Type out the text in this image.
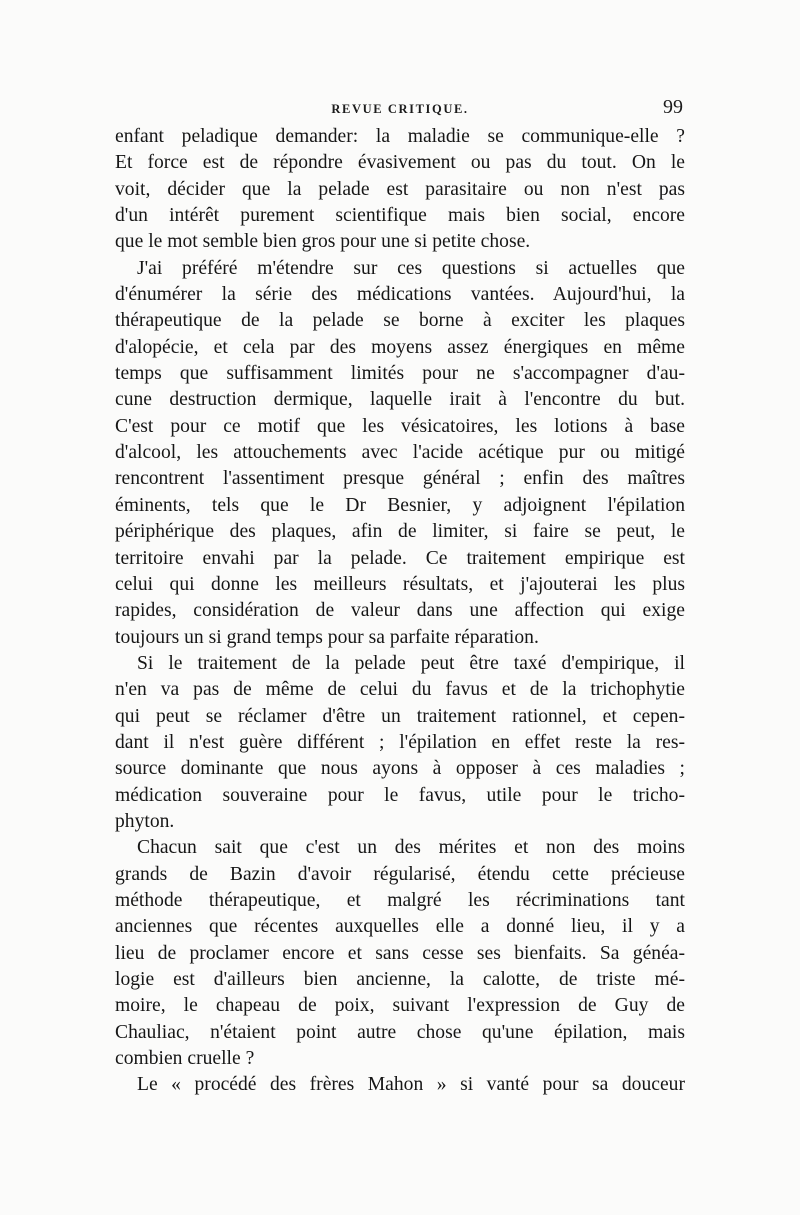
REVUE CRITIQUE.	99
enfant peladique demander: la maladie se communique-elle ?
Et force est de répondre évasivement ou pas du tout. On le
voit, décider que la pelade est parasitaire ou non n'est pas
d'un intérêt purement scientifique mais bien social, encore
que le mot semble bien gros pour une si petite chose.
J'ai préféré m'étendre sur ces questions si actuelles que
d'énumérer la série des médications vantées. Aujourd'hui, la
thérapeutique de la pelade se borne à exciter les plaques
d'alopécie, et cela par des moyens assez énergiques en même
temps que suffisamment limités pour ne s'accompagner d'au-
cune destruction dermique, laquelle irait à l'encontre du but.
C'est pour ce motif que les vésicatoires, les lotions à base
d'alcool, les attouchements avec l'acide acétique pur ou mitigé
rencontrent l'assentiment presque général ; enfin des maîtres
éminents, tels que le Dr Besnier, y adjoignent l'épilation
périphérique des plaques, afin de limiter, si faire se peut, le
territoire envahi par la pelade. Ce traitement empirique est
celui qui donne les meilleurs résultats, et j'ajouterai les plus
rapides, considération de valeur dans une affection qui exige
toujours un si grand temps pour sa parfaite réparation.
Si le traitement de la pelade peut être taxé d'empirique, il
n'en va pas de même de celui du favus et de la trichophytie
qui peut se réclamer d'être un traitement rationnel, et cepen-
dant il n'est guère différent ; l'épilation en effet reste la res-
source dominante que nous ayons à opposer à ces maladies ;
médication souveraine pour le favus, utile pour le tricho-
phyton.
Chacun sait que c'est un des mérites et non des moins
grands de Bazin d'avoir régularisé, étendu cette précieuse
méthode thérapeutique, et malgré les récriminations tant
anciennes que récentes auxquelles elle a donné lieu, il y a
lieu de proclamer encore et sans cesse ses bienfaits. Sa généa-
logie est d'ailleurs bien ancienne, la calotte, de triste mé-
moire, le chapeau de poix, suivant l'expression de Guy de
Chauliac, n'étaient point autre chose qu'une épilation, mais
combien cruelle ?
Le « procédé des frères Mahon » si vanté pour sa douceur
